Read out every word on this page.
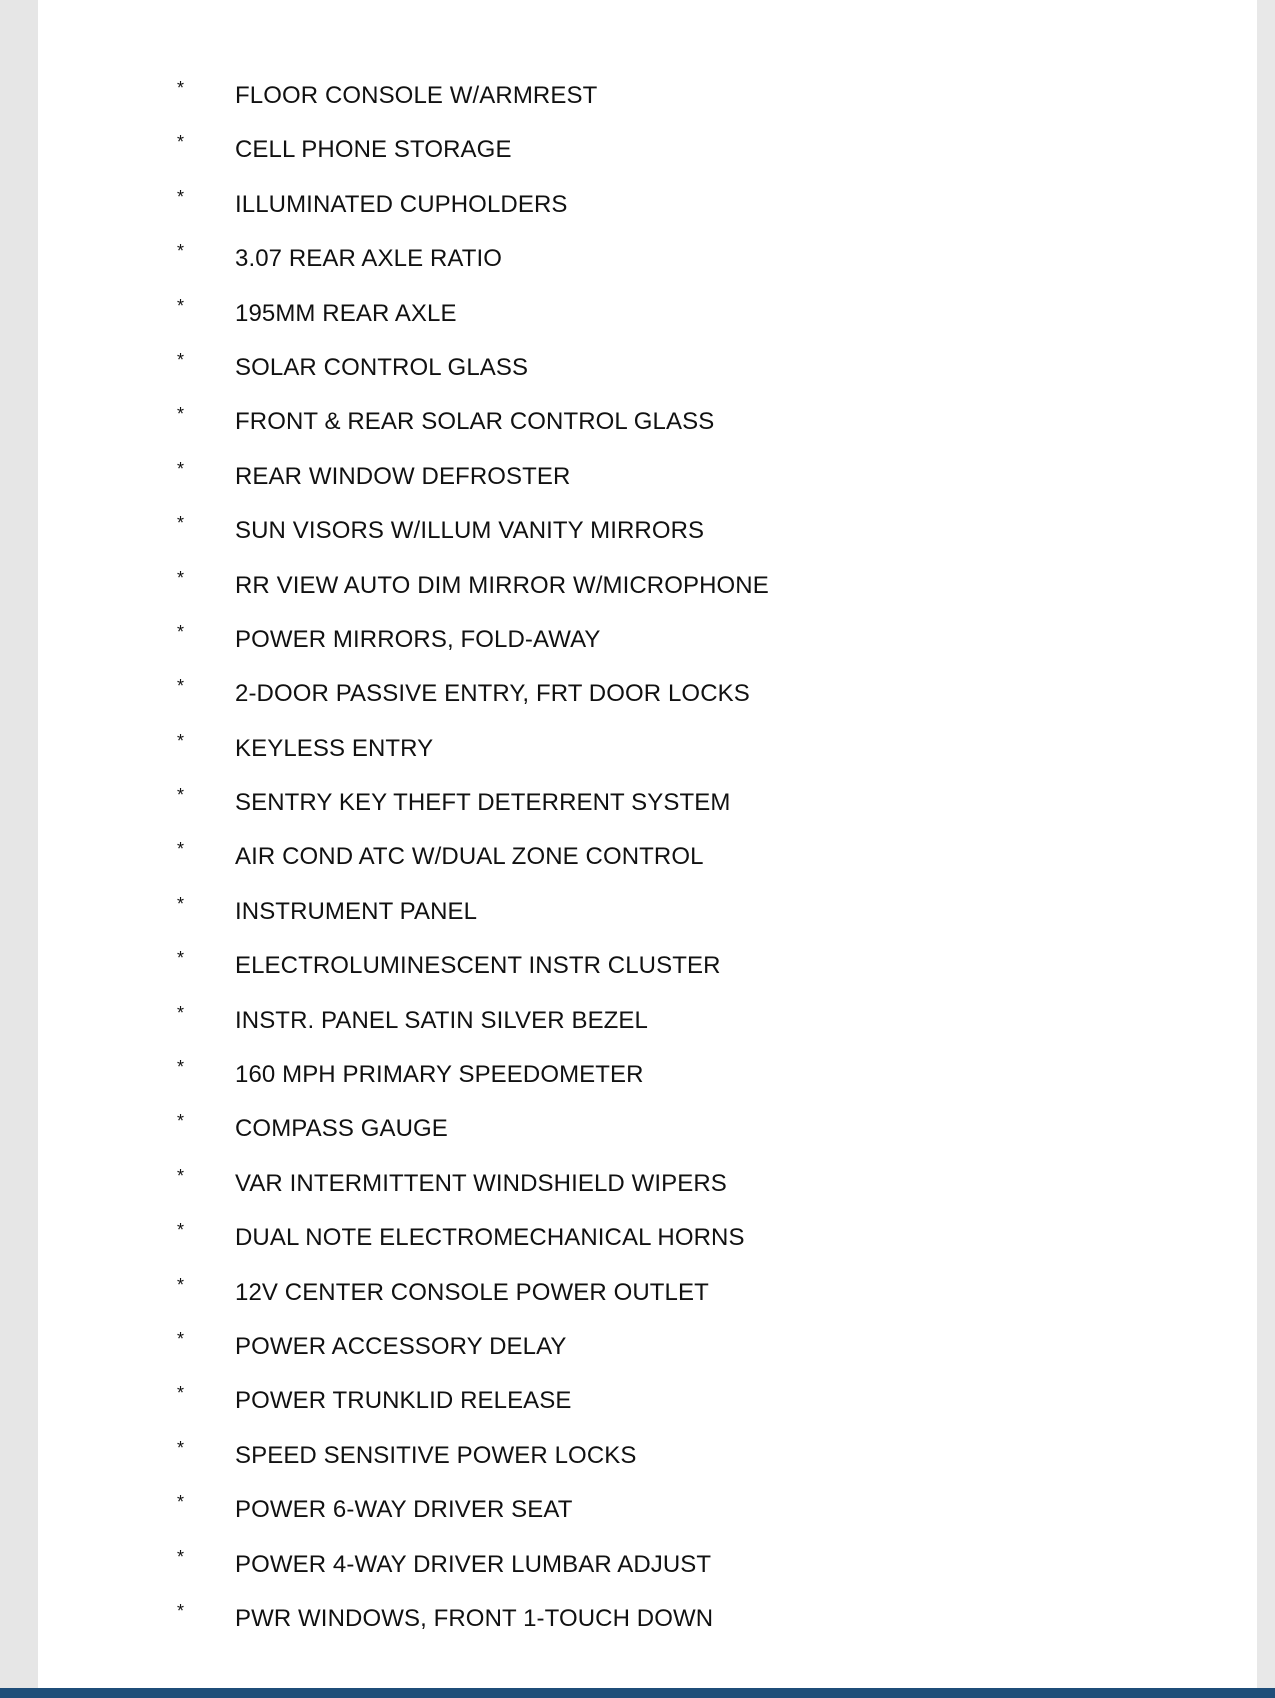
* FLOOR CONSOLE W/ARMREST
* CELL PHONE STORAGE
* ILLUMINATED CUPHOLDERS
* 3.07 REAR AXLE RATIO
* 195MM REAR AXLE
* SOLAR CONTROL GLASS
* FRONT & REAR SOLAR CONTROL GLASS
* REAR WINDOW DEFROSTER
* SUN VISORS W/ILLUM VANITY MIRRORS
* RR VIEW AUTO DIM MIRROR W/MICROPHONE
* POWER MIRRORS, FOLD-AWAY
* 2-DOOR PASSIVE ENTRY, FRT DOOR LOCKS
* KEYLESS ENTRY
* SENTRY KEY THEFT DETERRENT SYSTEM
* AIR COND ATC W/DUAL ZONE CONTROL
* INSTRUMENT PANEL
* ELECTROLUMINESCENT INSTR CLUSTER
* INSTR. PANEL SATIN SILVER BEZEL
* 160 MPH PRIMARY SPEEDOMETER
* COMPASS GAUGE
* VAR INTERMITTENT WINDSHIELD WIPERS
* DUAL NOTE ELECTROMECHANICAL HORNS
* 12V CENTER CONSOLE POWER OUTLET
* POWER ACCESSORY DELAY
* POWER TRUNKLID RELEASE
* SPEED SENSITIVE POWER LOCKS
* POWER 6-WAY DRIVER SEAT
* POWER 4-WAY DRIVER LUMBAR ADJUST
* PWR WINDOWS, FRONT 1-TOUCH DOWN
